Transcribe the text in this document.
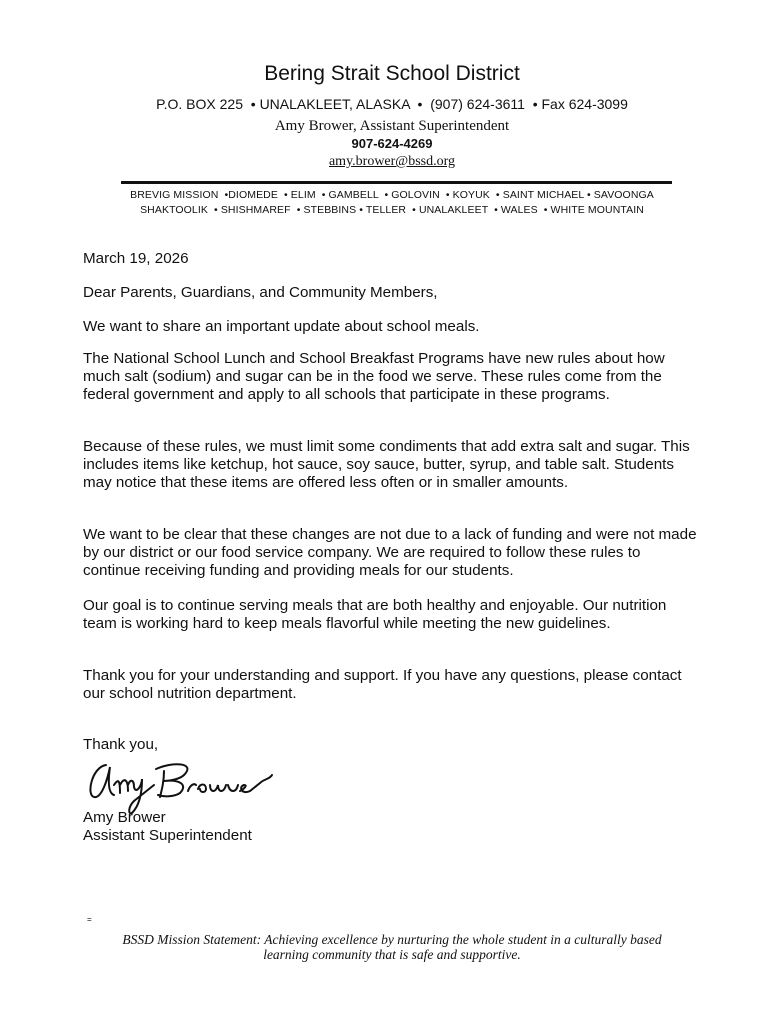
Bering Strait School District
P.O. BOX 225  • UNALAKLEET, ALASKA  •  (907) 624-3611  • Fax 624-3099
Amy Brower, Assistant Superintendent
907-624-4269
amy.brower@bssd.org
BREVIG MISSION  •DIOMEDE  • ELIM  • GAMBELL  • GOLOVIN  • KOYUK  • SAINT MICHAEL • SAVOONGA
SHAKTOOLIK  • SHISHMAREF  • STEBBINS • TELLER  • UNALAKLEET  • WALES  • WHITE MOUNTAIN

March 19, 2026

Dear Parents, Guardians, and Community Members,

We want to share an important update about school meals.

The National School Lunch and School Breakfast Programs have new rules about how much salt (sodium) and sugar can be in the food we serve. These rules come from the federal government and apply to all schools that participate in these programs.

Because of these rules, we must limit some condiments that add extra salt and sugar. This includes items like ketchup, hot sauce, soy sauce, butter, syrup, and table salt. Students may notice that these items are offered less often or in smaller amounts.

We want to be clear that these changes are not due to a lack of funding and were not made by our district or our food service company. We are required to follow these rules to continue receiving funding and providing meals for our students.

Our goal is to continue serving meals that are both healthy and enjoyable. Our nutrition team is working hard to keep meals flavorful while meeting the new guidelines.

Thank you for your understanding and support. If you have any questions, please contact our school nutrition department.

Thank you,

Amy Brower

Assistant Superintendent

=
BSSD Mission Statement: Achieving excellence by nurturing the whole student in a culturally based
learning community that is safe and supportive.
